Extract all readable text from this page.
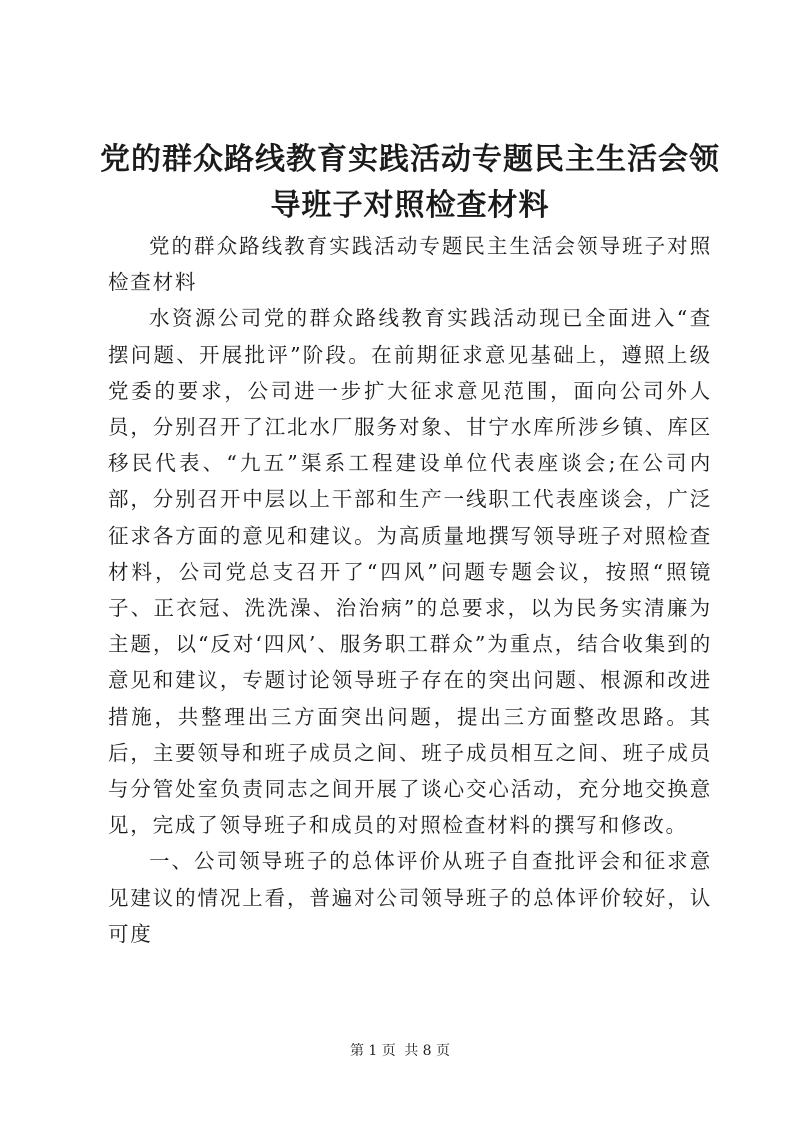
党的群众路线教育实践活动专题民主生活会领导班子对照检查材料

党的群众路线教育实践活动专题民主生活会领导班子对照检查材料

水资源公司党的群众路线教育实践活动现已全面进入“查摆问题、开展批评”阶段。在前期征求意见基础上，遵照上级党委的要求，公司进一步扩大征求意见范围，面向公司外人员，分别召开了江北水厂服务对象、甘宁水库所涉乡镇、库区移民代表、“九五”渠系工程建设单位代表座谈会;在公司内部，分别召开中层以上干部和生产一线职工代表座谈会，广泛征求各方面的意见和建议。为高质量地撰写领导班子对照检查材料，公司党总支召开了“四风”问题专题会议，按照“照镜子、正衣冠、洗洗澡、治治病”的总要求，以为民务实清廉为主题，以“反对‘四风’、服务职工群众”为重点，结合收集到的意见和建议，专题讨论领导班子存在的突出问题、根源和改进措施，共整理出三方面突出问题，提出三方面整改思路。其后，主要领导和班子成员之间、班子成员相互之间、班子成员与分管处室负责同志之间开展了谈心交心活动，充分地交换意见，完成了领导班子和成员的对照检查材料的撰写和修改。

一、公司领导班子的总体评价从班子自查批评会和征求意见建议的情况上看，普遍对公司领导班子的总体评价较好，认可度

第 1 页 共 8 页
